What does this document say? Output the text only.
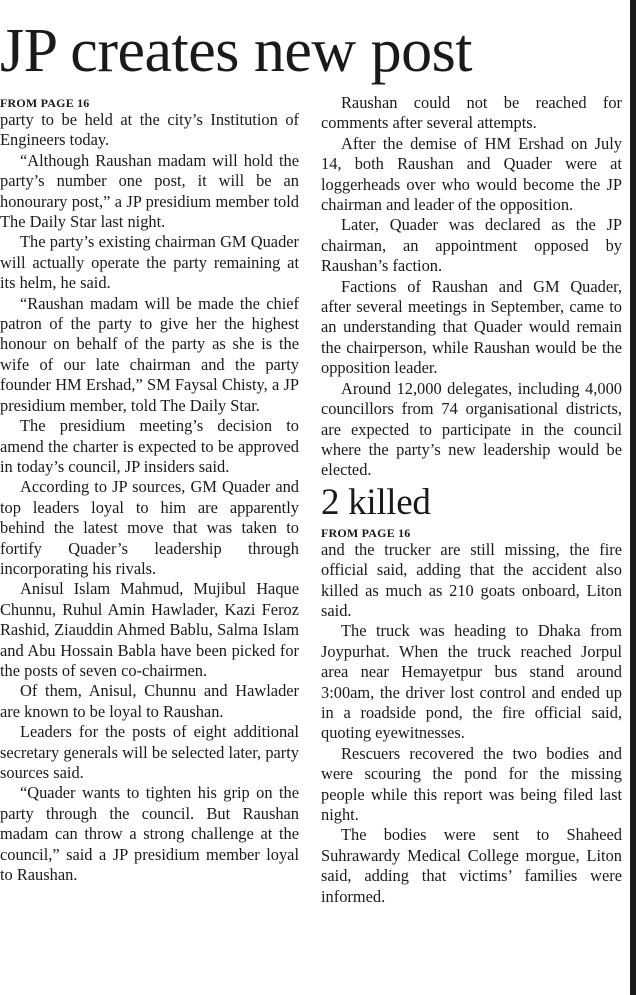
JP creates new post
FROM PAGE 16

party to be held at the city’s Institution of Engineers today.

“Although Raushan madam will hold the party’s number one post, it will be an honourary post,” a JP presidium member told The Daily Star last night.

The party’s existing chairman GM Quader will actually operate the party remaining at its helm, he said.

“Raushan madam will be made the chief patron of the party to give her the highest honour on behalf of the party as she is the wife of our late chairman and the party founder HM Ershad,” SM Faysal Chisty, a JP presidium member, told The Daily Star.

The presidium meeting’s decision to amend the charter is expected to be approved in today’s council, JP insiders said.

According to JP sources, GM Quader and top leaders loyal to him are apparently behind the latest move that was taken to fortify Quader’s leadership through incorporating his rivals.

Anisul Islam Mahmud, Mujibul Haque Chunnu, Ruhul Amin Hawlader, Kazi Feroz Rashid, Ziauddin Ahmed Bablu, Salma Islam and Abu Hossain Babla have been picked for the posts of seven co-chairmen.

Of them, Anisul, Chunnu and Hawlader are known to be loyal to Raushan.

Leaders for the posts of eight additional secretary generals will be selected later, party sources said.

“Quader wants to tighten his grip on the party through the council. But Raushan madam can throw a strong challenge at the council,” said a JP presidium member loyal to Raushan.

Raushan could not be reached for comments after several attempts.

After the demise of HM Ershad on July 14, both Raushan and Quader were at loggerheads over who would become the JP chairman and leader of the opposition.

Later, Quader was declared as the JP chairman, an appointment opposed by Raushan’s faction.

Factions of Raushan and GM Quader, after several meetings in September, came to an understanding that Quader would remain the chairperson, while Raushan would be the opposition leader.

Around 12,000 delegates, including 4,000 councillors from 74 organisational districts, are expected to participate in the council where the party’s new leadership would be elected.

2 killed
FROM PAGE 16

and the trucker are still missing, the fire official said, adding that the accident also killed as much as 210 goats onboard, Liton said.

The truck was heading to Dhaka from Joypurhat. When the truck reached Jorpul area near Hemayetpur bus stand around 3:00am, the driver lost control and ended up in a roadside pond, the fire official said, quoting eyewitnesses.

Rescuers recovered the two bodies and were scouring the pond for the missing people while this report was being filed last night.

The bodies were sent to Shaheed Suhrawardy Medical College morgue, Liton said, adding that victims’ families were informed.
